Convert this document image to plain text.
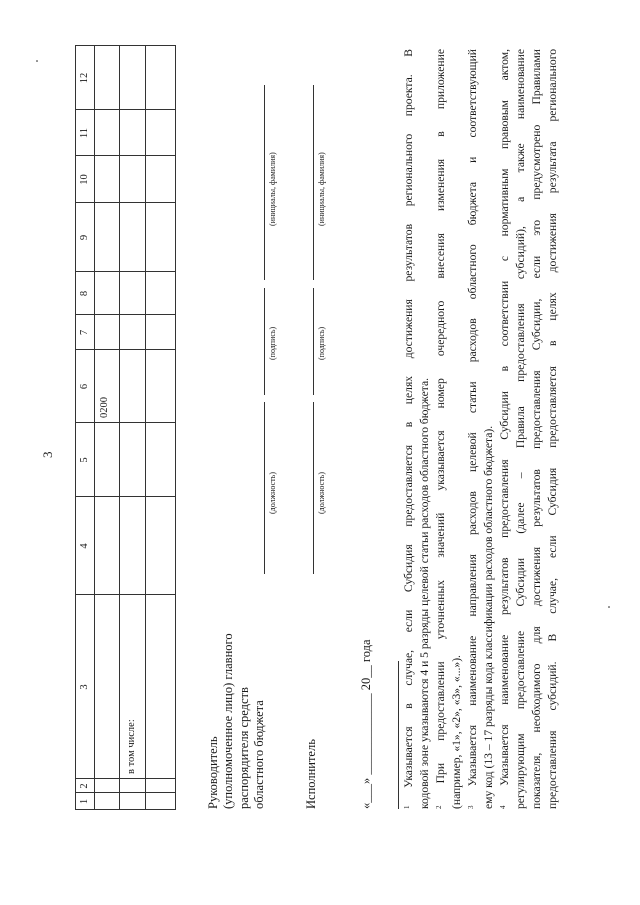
3
1
2
3
4
5
6
7
8
9
10
11
12
0200
в том числе:	Руководитель (уполномоченное лицо) главного распорядителя средств областного бюджета
(должность)
(подпись)
(инициалы, фамилия)
Исполнитель
(должность)
(подпись)
(инициалы, фамилия)
«___» _____________ 20__ года	$^1$ Указывается в случае, если Субсидия предоставляется в целях достижения результатов регионального проекта. В кодовой зоне указываются 4 и 5 разряды целевой статьи расходов областного бюджета. $^2$ При предоставлении уточненных значений указывается номер очередного внесения изменения в приложение (например, «1», «2», «3», «...»). $^3$ Указывается наименование направления расходов целевой статьи расходов областного бюджета и соответствующий ему код (13 – 17 разряды кода классификации расходов областного бюджета). $^4$ Указывается наименование результатов предоставления Субсидии в соответствии с нормативным правовым актом, регулирующим предоставление Субсидии (далее – Правила предоставления субсидий), а также наименование показателя, необходимого для достижения результатов предоставления Субсидии, если это предусмотрено Правилами предоставления субсидий. В случае, если Субсидия предоставляется в целях достижения результата регионального
